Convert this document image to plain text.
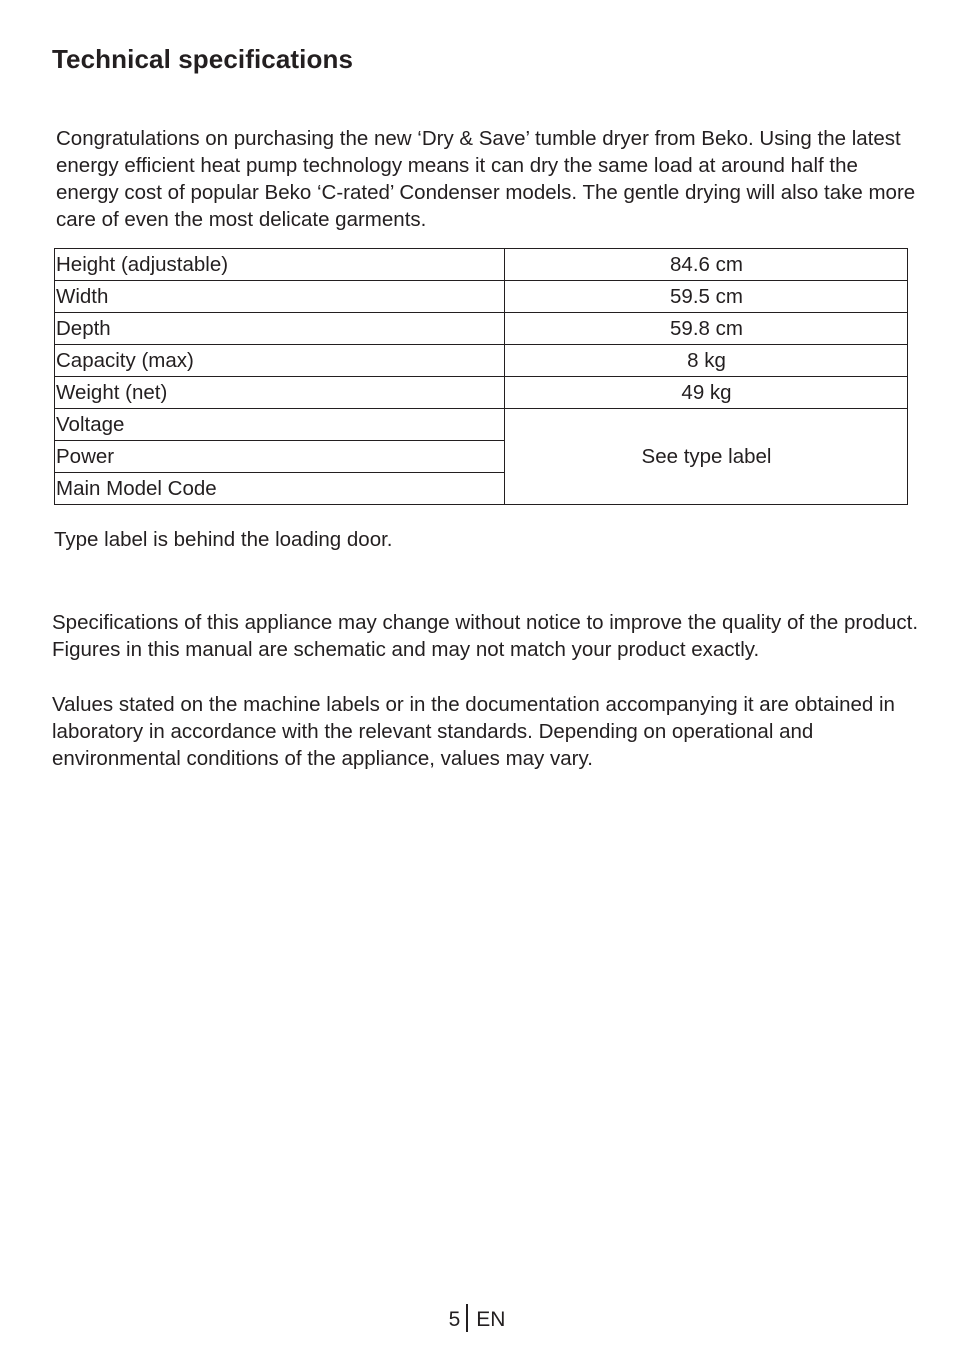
Technical specifications
Congratulations on purchasing the new ‘Dry & Save’ tumble dryer from Beko. Using the latest energy efficient heat pump technology means it can dry the same load at around half the energy cost of popular Beko ‘C-rated’ Condenser models. The gentle drying will also take more care of even the most delicate garments.
Height (adjustable)	84.6 cm
Width	59.5 cm
Depth	59.8 cm
Capacity (max)	8 kg
Weight (net)	49 kg
Voltage	See type label
Power	
Main Model Code	
Type label is behind the loading door.
Specifications of this appliance may change without notice to improve the quality of the product. Figures in this manual are schematic and may not match your product exactly.
Values stated on the machine labels or in the documentation accompanying it are obtained in laboratory in accordance with the relevant standards. Depending on operational and environmental conditions of the appliance, values may vary.
5 EN
